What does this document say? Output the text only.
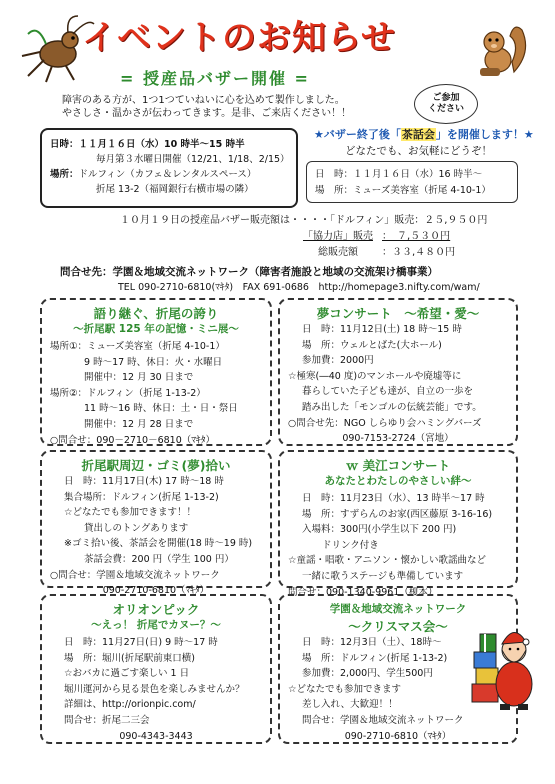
イベントのお知らせ
= 授産品バザー開催 =
障害のある方が、1つ1つていねいに心を込めて製作しました。
やさしさ・温かさが伝わってきます。是非、ご来店ください！！
ご参加
ください
日時：１１月１６日（水）10 時半～15 時半
毎月第３水曜日開催（12/21、1/18、2/15）
場所：ドルフィン（カフェ＆レンタルスペース）
折尾 13-2（福岡銀行右横市場の隣）
★バザー終了後「茶話会」を開催します！★
どなたでも、お気軽にどうぞ！
日　時：１１月１６日（水）16 時半～
場　所：ミューズ美容室（折尾 4-10-1）
１０月１９日の授産品バザー販売額は・・・・「ドルフィン」販売：２５,９５０円
「協力店」販売 ：　７,５３０円
総販売額 ：３３,４８０円
問合せ先：学園＆地域交流ネットワーク（障害者施設と地域の交流架け橋事業）
TEL 090-2710-6810(ﾏｷﾀ)　FAX 691-0686　http://homepage3.nifty.com/wam/
語り継ぐ、折尾の誇り
～折尾駅 125 年の記憶・ミニ展～
場所①：ミューズ美容室（折尾 4-10-1）
9 時～17 時、休日：火・水曜日
開催中：12 月 30 日まで
場所②：ドルフィン（折尾 1-13-2）
11 時～16 時、休日：土・日・祭日
開催中：12 月 28 日まで
○問合せ：090－2710－6810（ﾏｷﾀ）
夢コンサート　～希望・愛～
日　時：11月12日(土) 18 時～15 時
場　所：ウェルとばた(大ホール)
参加費：2000円
☆極寒(―40 度)のマンホールや廃墟等に
暮らしていた子ども達が、自立の一歩を
踏み出した「モンゴルの伝統芸能」です。
○問合せ先：NGO しらゆり会ハミングバーズ
090-7153-2724（宮地）
折尾駅周辺・ゴミ(夢)拾い
日　時：11月17日(木) 17 時～18 時
集合場所：ドルフィン(折尾 1-13-2)
☆どなたでも参加できます！！
貸出しのトングあります
※ゴミ拾い後、茶話会を開催(18 時～19 時)
茶話会費：200 円（学生 100 円）
○問合せ：学園＆地域交流ネットワーク
090-2710-6810（ﾏｷﾀ）
ｗ 美江コンサート
あなたとわたしのやさしい絆～
日　時：11月23日（水）、13 時半～17 時
場　所：すずらんのお家(西区藤原 3-16-16)
入場料：300円(小学生以下 200 円)
ドリンク付き
☆童謡・唱歌・アニソン・懐かしい歌謡曲など
一緒に歌うステージも準備しています
問合せ：090-1340-9961（榎本）
オリオンピック
～えっ！ 折尾でカヌー？～
日　時：11月27日(日) 9 時～17 時
場　所：堀川(折尾駅前東口横)
☆おバカに過ごす楽しい 1 日
堀川運河から見る景色を楽しみませんか？
詳細は、http://orionpic.com/
問合せ：折尾二三会
090-4343-3443
学園＆地域交流ネットワーク
～クリスマス会～
日　時：12月3日（土）、18時～
場　所：ドルフィン(折尾 1-13-2)
参加費：2,000円、学生500円
☆どなたでも参加できます
差し入れ、大歓迎！！
問合せ：学園＆地域交流ネットワーク
090-2710-6810（ﾏｷﾀ）
